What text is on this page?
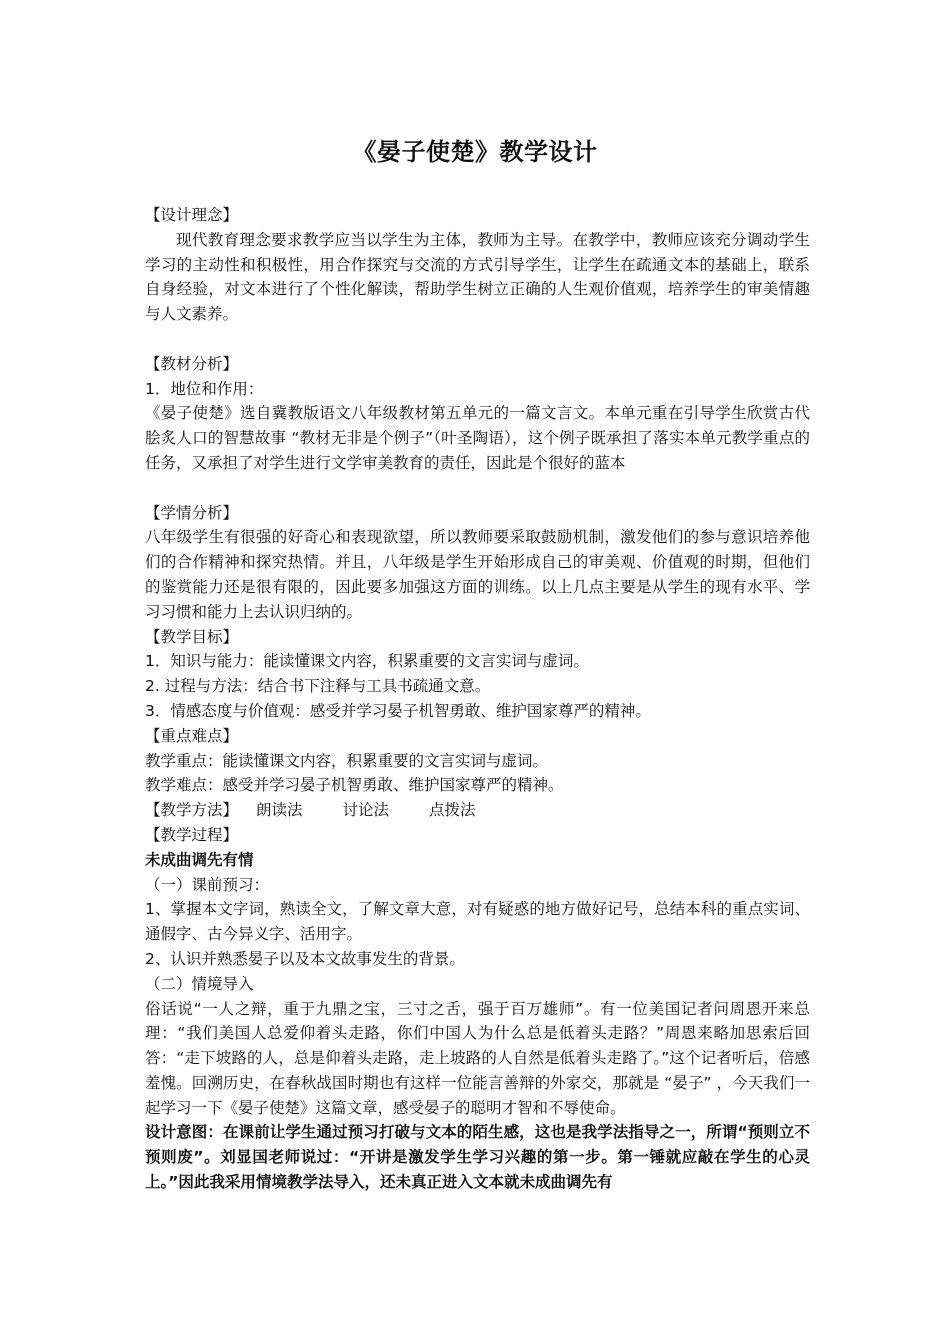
《晏子使楚》教学设计

【设计理念】

现代教育理念要求教学应当以学生为主体，教师为主导。在教学中，教师应该充分调动学生学习的主动性和积极性，用合作探究与交流的方式引导学生，让学生在疏通文本的基础上，联系自身经验，对文本进行了个性化解读，帮助学生树立正确的人生观价值观，培养学生的审美情趣与人文素养。

【教材分析】

1．地位和作用：

《晏子使楚》选自冀教版语文八年级教材第五单元的一篇文言文。本单元重在引导学生欣赏古代脍炙人口的智慧故事 “教材无非是个例子”（叶圣陶语），这个例子既承担了落实本单元教学重点的任务，又承担了对学生进行文学审美教育的责任，因此是个很好的蓝本

【学情分析】

八年级学生有很强的好奇心和表现欲望，所以教师要采取鼓励机制，激发他们的参与意识培养他们的合作精神和探究热情。并且，八年级是学生开始形成自己的审美观、价值观的时期，但他们的鉴赏能力还是很有限的，因此要多加强这方面的训练。以上几点主要是从学生的现有水平、学习习惯和能力上去认识归纳的。

【教学目标】

1．知识与能力：能读懂课文内容，积累重要的文言实词与虚词。

2. 过程与方法：结合书下注释与工具书疏通文意。

3．情感态度与价值观：感受并学习晏子机智勇敢、维护国家尊严的精神。

【重点难点】

教学重点：能读懂课文内容，积累重要的文言实词与虚词。

教学难点：感受并学习晏子机智勇敢、维护国家尊严的精神。

【教学方法】 朗读法	讨论法	点拨法

【教学过程】

未成曲调先有情

（一）课前预习：

1、掌握本文字词，熟读全文，了解文章大意，对有疑惑的地方做好记号，总结本科的重点实词、通假字、古今异义字、活用字。

2、认识并熟悉晏子以及本文故事发生的背景。

（二）情境导入

俗话说“一人之辩，重于九鼎之宝，三寸之舌，强于百万雄师”。有一位美国记者问周恩开来总理：“我们美国人总爱仰着头走路，你们中国人为什么总是低着头走路？”周恩来略加思索后回答：“走下坡路的人，总是仰着头走路，走上坡路的人自然是低着头走路了。”这个记者听后，倍感羞愧。回溯历史，在春秋战国时期也有这样一位能言善辩的外家交，那就是 “晏子” ，今天我们一起学习一下《晏子使楚》这篇文章，感受晏子的聪明才智和不辱使命。

设计意图：在课前让学生通过预习打破与文本的陌生感，这也是我学法指导之一，所谓“预则立不预则废”。刘显国老师说过：“开讲是激发学生学习兴趣的第一步。第一锤就应敲在学生的心灵上。”因此我采用情境教学法导入，还未真正进入文本就未成曲调先有
